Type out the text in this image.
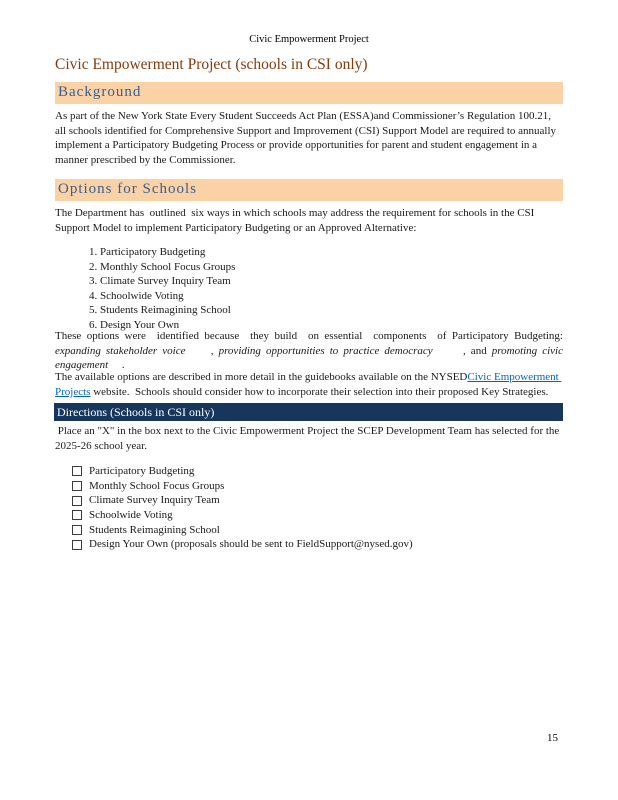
Civic Empowerment Project
Civic Empowerment Project (schools in CSI only)
Background
As part of the New York State Every Student Succeeds Act Plan (ESSA)and Commissioner’s Regulation 100.21, all schools identified for Comprehensive Support and Improvement (CSI) Support Model are required to annually implement a Participatory Budgeting Process or provide opportunities for parent and student engagement in a manner prescribed by the Commissioner.
Options for Schools
The Department has  outlined  six ways in which schools may address the requirement for schools in the CSI Support Model to implement Participatory Budgeting or an Approved Alternative:
1. Participatory Budgeting
2. Monthly School Focus Groups
3. Climate Survey Inquiry Team
4. Schoolwide Voting
5. Students Reimagining School
6. Design Your Own
These options were  identified because  they build  on essential  components  of Participatory Budgeting: expanding stakeholder voice     , providing opportunities to practice democracy      , and promoting civic engagement     .
The available options are described in more detail in the guidebooks available on the NYSEDCivic Empowerment Projects website.  Schools should consider how to incorporate their selection into their proposed Key Strategies.
Directions (Schools in CSI only)
Place an "X" in the box next to the Civic Empowerment Project the SCEP Development Team has selected for the 2025-26 school year.
Participatory Budgeting
Monthly School Focus Groups
Climate Survey Inquiry Team
Schoolwide Voting
Students Reimagining School
Design Your Own (proposals should be sent to FieldSupport@nysed.gov)
15
